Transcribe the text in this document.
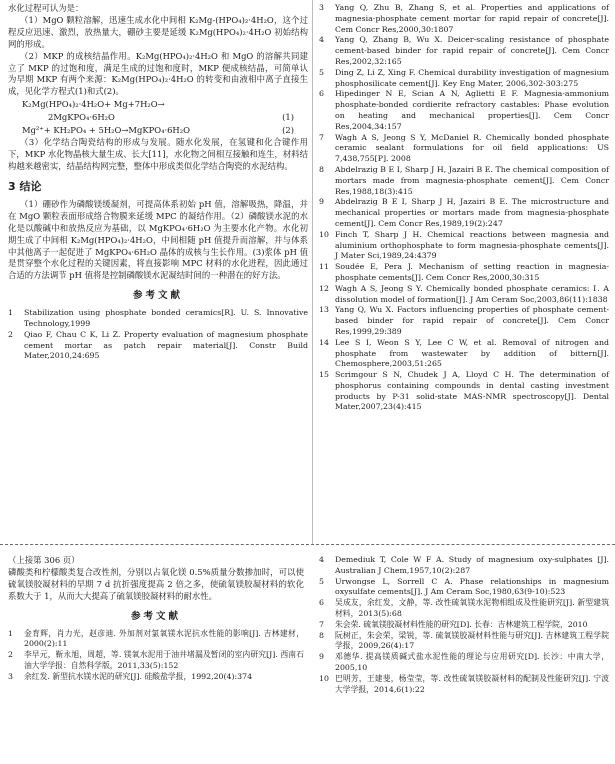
水化过程可认为是：

（1）MgO 颗粒溶解，迅速生成水化中间相 K₂Mg-(HPO₄)₂·4H₂O，这个过程反应迅速、激烈，放热量大，硼砂主要是延缓 K₂Mg(HPO₄)₂·4H₂O 初始结构网的形成。

（2）MKP 的成核结晶作用。K₂Mg(HPO₄)₂·4H₂O 和 MgO 的溶解共同建立了 MKP 的过饱和度，满足生成的过饱和度时，MKP 便成核结晶，可简单认为早期 MKP 有两个来源：K₂Mg(HPO₄)₂·4H₂O 的转变和由液相中离子直接生成，见化学方程式(1)和式(2)。

K₂Mg(HPO₄)₂·4H₂O+ Mg+7H₂O→
2MgKPO₄·6H₂O	(1)
Mg²⁺+ KH₂PO₄ + 5H₂O→MgKPO₄·6H₂O	(2)

（3）化学结合陶瓷结构的形成与发展。随水化发展，在氢键和化合键作用下，MKP 水化物晶核大量生成、长大[11]，水化物之间相互接触和连生，材料结构越来越密实，结晶结构网完整，整体中形成类似化学结合陶瓷的水泥结构。

3 结论

（1）硼砂作为磷酸镁缓凝剂，可提高体系初始 pH 值，溶解吸热，降温，并在 MgO 颗粒表面形成络合物膜来延缓 MPC 的凝结作用。（2）磷酸镁水泥的水化是以酸碱中和放热反应为基础，以 MgKPO₄·6H₂O 为主要水化产物。水化初期生成了中间相 K₂Mg(HPO₄)₂·4H₂O，中间相随 pH 值提升而溶解，并与体系中其他离子一起促进了 MgKPO₄·6H₂O 晶体的成核与生长作用。(3)浆体 pH 值是贯穿整个水化过程的关键因素，将直接影响 MPC 材料的水化进程，因此通过合适的方法调节 pH 值将是控制磷酸镁水泥凝结时间的一种潜在的好方法。

参考文献
1	Stabilization using phosphate bonded ceramics[R]. U. S. Innovative Technology,1999
2	Qiao F, Chau C K, Li Z. Property evaluation of magnesium phosphate cement mortar as patch repair material[J]. Constr Build Mater,2010,24:695
3	Yang Q, Zhu B, Zhang S, et al. Properties and applications of magnesia-phosphate cement mortar for rapid repair of concrete[J]. Cem Concr Res,2000,30:1807
4	Yang Q, Zhang B, Wu X. Deicer-scaling resistance of phosphate cement-based binder for rapid repair of concrete[J]. Cem Concr Res,2002,32:165
5	Ding Z, Li Z, Xing F. Chemical durability investigation of magnesium phosphosilicate cement[J]. Key Eng Mater, 2006,302-303:275
6	Hipedinger N E, Scian A N, Aglietti E F. Magnesia-ammonium phosphate-bonded cordierite refractory castables: Phase evolution on heating and mechanical properties[J]. Cem Concr Res,2004,34:157
7	Wagh A S, Jeong S Y, McDaniel R. Chemically bonded phosphate ceramic sealant formulations for oil field applications: US 7,438,755[P]. 2008
8	Abdelrazig B E I, Sharp J H, Jazairi B E. The chemical composition of mortars made from magnesia-phosphate cement[J]. Cem Concr Res,1988,18(3):415
9	Abdelrazig B E I, Sharp J H, Jazairi B E. The microstructure and mechanical properties or mortars made from magnesia-phosphate cement[J]. Cem Concr Res,1989,19(2):247
10 Finch T, Sharp J H. Chemical reactions between magnesia and aluminium orthophosphate to form magnesia-phosphate cements[J]. J Mater Sci,1989,24:4379
11 Soudée E, Pera J. Mechanism of setting reaction in magnesia-phosphate cements[J]. Cem Concr Res,2000,30:315
12 Wagh A S, Jeong S Y. Chemically bonded phosphate ceramics: Ⅰ. A dissolution model of formation[J]. J Am Ceram Soc,2003,86(11):1838
13 Yang Q, Wu X. Factors influencing properties of phosphate cement-based binder for rapid repair of concrete[J]. Cem Concr Res,1999,29:389
14 Lee S I, Weon S Y, Lee C W, et al. Removal of nitrogen and phosphate from wastewater by addition of bittern[J]. Chemosphere,2003,51:265
15 Scrimgour S N, Chudek J A, Lloyd C H. The determination of phosphorus containing compounds in dental casting investment products by P-31 solid-state MAS-NMR spectroscopy[J]. Dental Mater,2007,23(4):415
（上接第 306 页）

磷酸类和柠檬酸类复合改性剂，分别以占氧化镁 0.5%质量分数掺加时，可以使硫氧镁胶凝材料的早期 7 d 抗折强度提高 2 倍之多，使硫氧镁胶凝材料的软化系数大于 1，从而大大提高了硫氧镁胶凝材料的耐水性。

参考文献
1	金育辉，肖力光，赵彦迪. 外加剂对氯氧镁水泥抗水性能的影响[J]. 吉林建材，2000(2):11
2	李早元，靳永旭，周超，等. 镁氧水泥用于油井堵漏及暂闭的室内研究[J]. 西南石油大学学报：自然科学版，2011,33(5):152
3	余红发. 新型抗水镁水泥的研究[J]. 硅酸盐学报，1992,20(4):374
4	Demediuk T, Cole W F A. Study of magnesium oxy-sulphates [J]. Australian J Chem,1957,10(2):287
5	Urwongse L, Sorrell C A. Phase relationships in magnesium oxysulfate cements[J]. J Am Ceram Soc,1980,63(9-10):523
6	吴成友，余红发，文静，等. 改性硫氧镁水泥物相组成及性能研究[J]. 新型建筑材料，2013(5):68
7	朱会荣. 硫氧镁胶凝材料性能的研究[D]. 长春：吉林建筑工程学院，2010
8	阮树正，朱会荣，梁锐，等. 硫氧镁胶凝材料性能与研究[J]. 吉林建筑工程学院学报，2009,26(4):17
9	邓德华. 提高镁质碱式盐水泥性能的理论与应用研究[D]. 长沙：中南大学，2005,10
10 巴明芳，王建斐，杨莹莹，等. 改性硫氧镁胶凝材料的配制及性能研究[J]. 宁波大学学报，2014,6(1):22
